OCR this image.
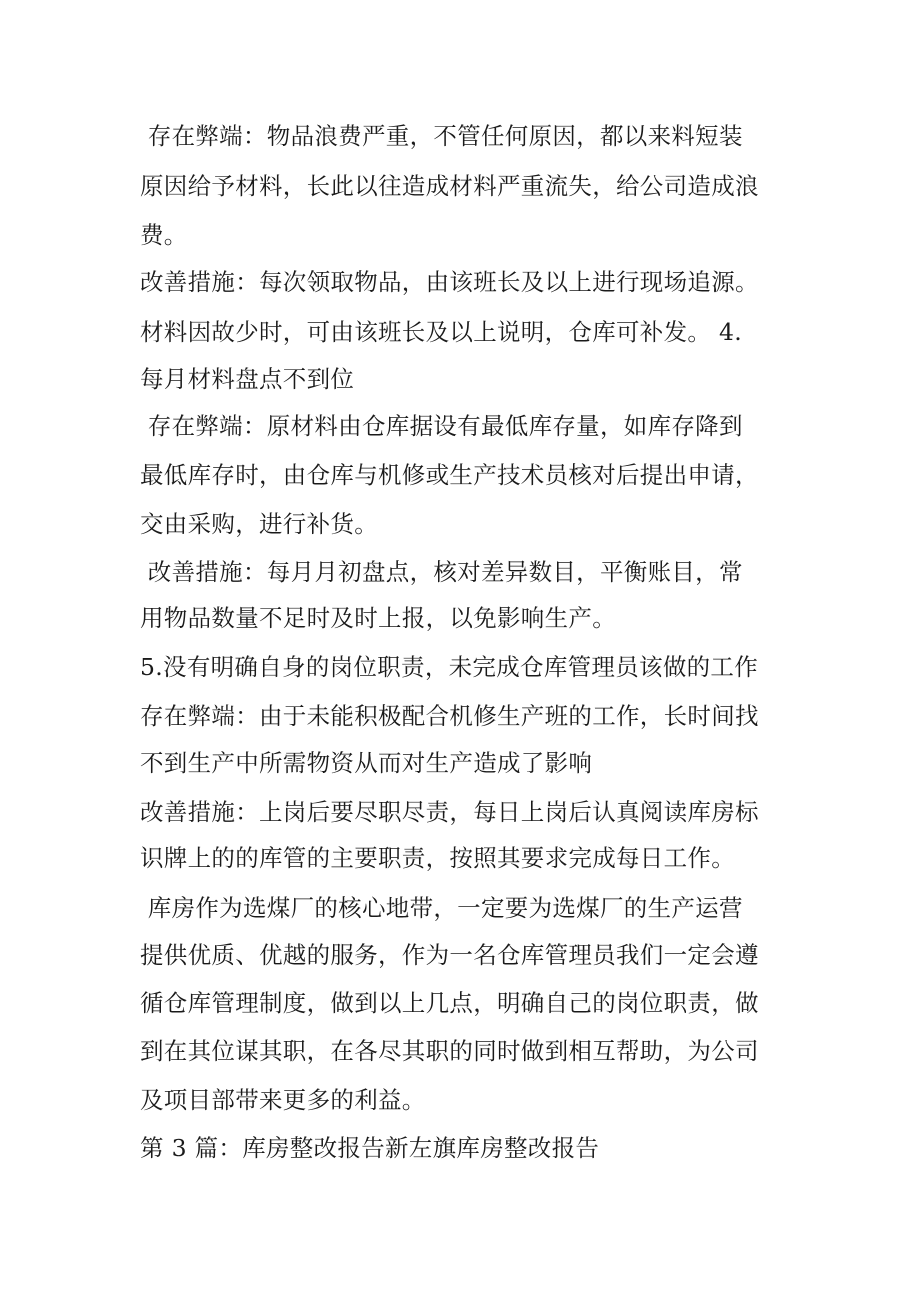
存在弊端：物品浪费严重，不管任何原因，都以来料短装
原因给予材料，长此以往造成材料严重流失，给公司造成浪
费。
改善措施：每次领取物品，由该班长及以上进行现场追源。
材料因故少时，可由该班长及以上说明，仓库可补发。 4.
每月材料盘点不到位
存在弊端：原材料由仓库据设有最低库存量，如库存降到
最低库存时，由仓库与机修或生产技术员核对后提出申请，
交由采购，进行补货。
改善措施：每月月初盘点，核对差异数目，平衡账目，常
用物品数量不足时及时上报，以免影响生产。
5.没有明确自身的岗位职责，未完成仓库管理员该做的工作
存在弊端：由于未能积极配合机修生产班的工作，长时间找
不到生产中所需物资从而对生产造成了影响
改善措施：上岗后要尽职尽责，每日上岗后认真阅读库房标
识牌上的的库管的主要职责，按照其要求完成每日工作。
库房作为选煤厂的核心地带，一定要为选煤厂的生产运营
提供优质、优越的服务，作为一名仓库管理员我们一定会遵
循仓库管理制度，做到以上几点，明确自己的岗位职责，做
到在其位谋其职，在各尽其职的同时做到相互帮助，为公司
及项目部带来更多的利益。
第 3 篇：库房整改报告新左旗库房整改报告
